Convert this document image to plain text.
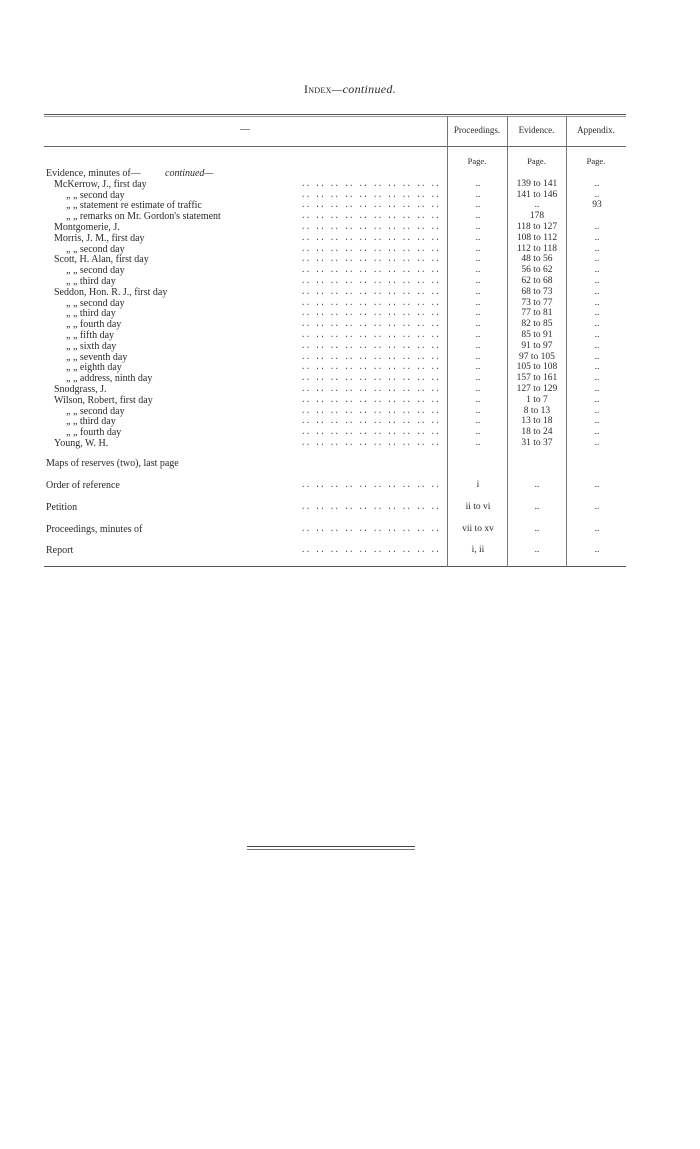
Index—continued.
—	Proceedings.	Evidence.	Appendix.
Page.	Page.	Page.
Evidence, minutes of— continued—
McKerrow, J., first day	.. .. .. .. .. .. .. .. .. ..	..	139 to 141	..
„ „ second day	.. .. .. .. .. .. .. .. .. ..	..	141 to 146	..
„ „ statement re estimate of traffic	.. .. .. .. .. .. .. .. .. ..	..	..	93
„ „ remarks on Mr. Gordon's statement	.. .. .. .. .. .. .. .. .. ..	..	178
Montgomerie, J.	.. .. .. .. .. .. .. .. .. ..	..	118 to 127	..
Morris, J. M., first day	.. .. .. .. .. .. .. .. .. ..	..	108 to 112	..
„ „ second day	.. .. .. .. .. .. .. .. .. ..	..	112 to 118	..
Scott, H. Alan, first day	.. .. .. .. .. .. .. .. .. ..	..	48 to 56	..
„ „ second day	.. .. .. .. .. .. .. .. .. ..	..	56 to 62	..
„ „ third day	.. .. .. .. .. .. .. .. .. ..	..	62 to 68	..
Seddon, Hon. R. J., first day	.. .. .. .. .. .. .. .. .. ..	..	68 to 73	..
„ „ second day	.. .. .. .. .. .. .. .. .. ..	..	73 to 77	..
„ „ third day	.. .. .. .. .. .. .. .. .. ..	..	77 to 81	..
„ „ fourth day	.. .. .. .. .. .. .. .. .. ..	..	82 to 85	..
„ „ fifth day	.. .. .. .. .. .. .. .. .. ..	..	85 to 91	..
„ „ sixth day	.. .. .. .. .. .. .. .. .. ..	..	91 to 97	..
„ „ seventh day	.. .. .. .. .. .. .. .. .. ..	..	97 to 105	..
„ „ eighth day	.. .. .. .. .. .. .. .. .. ..	..	105 to 108	..
„ „ address, ninth day	.. .. .. .. .. .. .. .. .. ..	..	157 to 161	..
Snodgrass, J.	.. .. .. .. .. .. .. .. .. ..	..	127 to 129	..
Wilson, Robert, first day	.. .. .. .. .. .. .. .. .. ..	..	1 to 7	..
„ „ second day	.. .. .. .. .. .. .. .. .. ..	..	8 to 13	..
„ „ third day	.. .. .. .. .. .. .. .. .. ..	..	13 to 18	..
„ „ fourth day	.. .. .. .. .. .. .. .. .. ..	..	18 to 24	..
Young, W. H.	.. .. .. .. .. .. .. .. .. ..	..	31 to 37	..
Maps of reserves (two), last page
Order of reference	.. .. .. .. .. .. .. .. .. ..	i	..	..
Petition	.. .. .. .. .. .. .. .. .. ..	ii to vi	..	..
Proceedings, minutes of	.. .. .. .. .. .. .. .. .. ..	vii to xv	..	..
Report	.. .. .. .. .. .. .. .. .. ..	i, ii	..	..
